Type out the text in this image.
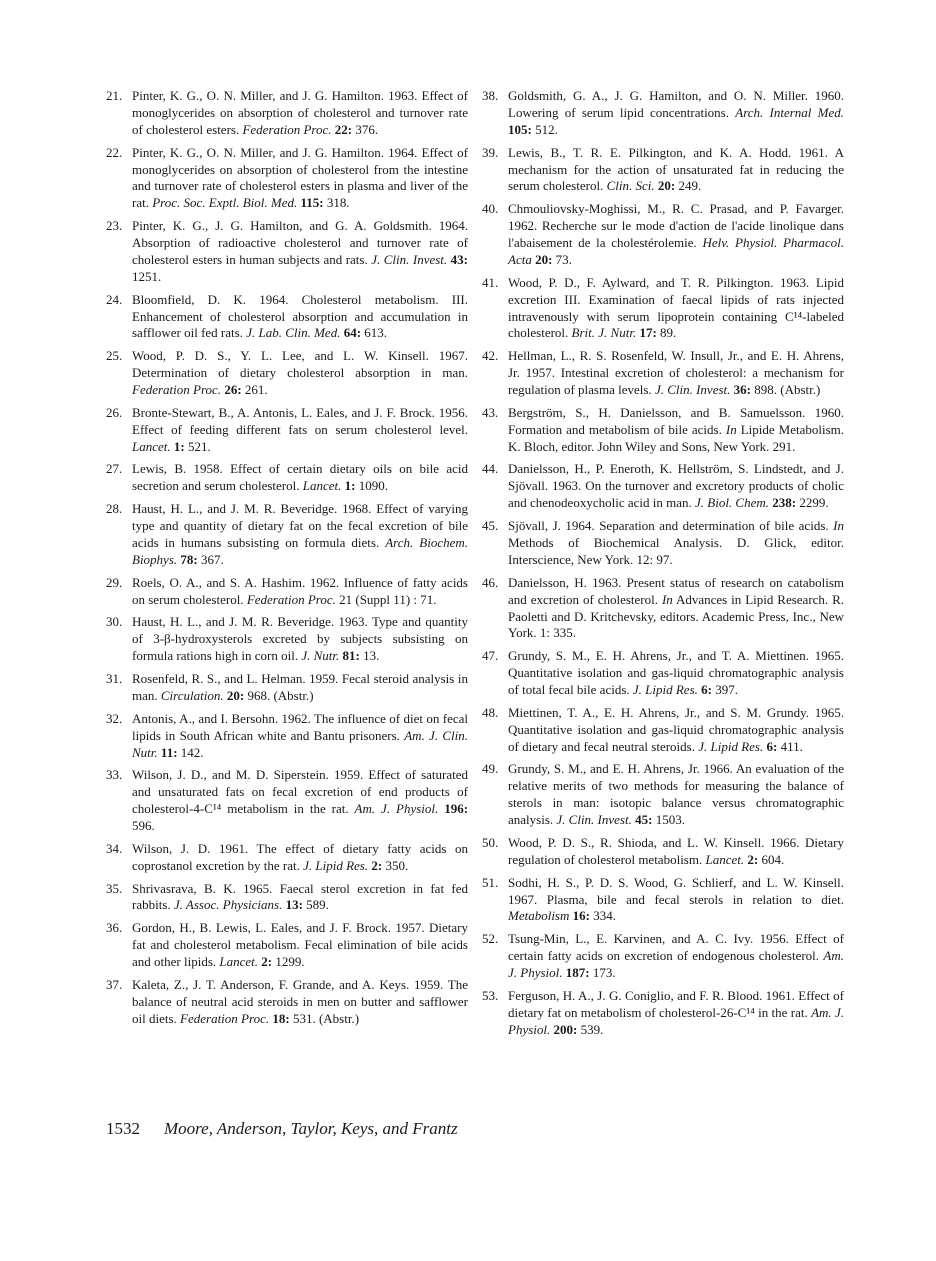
21. Pinter, K. G., O. N. Miller, and J. G. Hamilton. 1963. Effect of monoglycerides on absorption of cholesterol and turnover rate of cholesterol esters. Federation Proc. 22: 376.

22. Pinter, K. G., O. N. Miller, and J. G. Hamilton. 1964. Effect of monoglycerides on absorption of cholesterol from the intestine and turnover rate of cholesterol esters in plasma and liver of the rat. Proc. Soc. Exptl. Biol. Med. 115: 318.

23. Pinter, K. G., J. G. Hamilton, and G. A. Goldsmith. 1964. Absorption of radioactive cholesterol and turnover rate of cholesterol esters in human subjects and rats. J. Clin. Invest. 43: 1251.

24. Bloomfield, D. K. 1964. Cholesterol metabolism. III. Enhancement of cholesterol absorption and accumulation in safflower oil fed rats. J. Lab. Clin. Med. 64: 613.

25. Wood, P. D. S., Y. L. Lee, and L. W. Kinsell. 1967. Determination of dietary cholesterol absorption in man. Federation Proc. 26: 261.

26. Bronte-Stewart, B., A. Antonis, L. Eales, and J. F. Brock. 1956. Effect of feeding different fats on serum cholesterol level. Lancet. 1: 521.

27. Lewis, B. 1958. Effect of certain dietary oils on bile acid secretion and serum cholesterol. Lancet. 1: 1090.

28. Haust, H. L., and J. M. R. Beveridge. 1968. Effect of varying type and quantity of dietary fat on the fecal excretion of bile acids in humans subsisting on formula diets. Arch. Biochem. Biophys. 78: 367.

29. Roels, O. A., and S. A. Hashim. 1962. Influence of fatty acids on serum cholesterol. Federation Proc. 21 (Suppl 11) : 71.

30. Haust, H. L., and J. M. R. Beveridge. 1963. Type and quantity of 3-β-hydroxysterols excreted by subjects subsisting on formula rations high in corn oil. J. Nutr. 81: 13.

31. Rosenfeld, R. S., and L. Helman. 1959. Fecal steroid analysis in man. Circulation. 20: 968. (Abstr.)

32. Antonis, A., and I. Bersohn. 1962. The influence of diet on fecal lipids in South African white and Bantu prisoners. Am. J. Clin. Nutr. 11: 142.

33. Wilson, J. D., and M. D. Siperstein. 1959. Effect of saturated and unsaturated fats on fecal excretion of end products of cholesterol-4-C¹⁴ metabolism in the rat. Am. J. Physiol. 196: 596.

34. Wilson, J. D. 1961. The effect of dietary fatty acids on coprostanol excretion by the rat. J. Lipid Res. 2: 350.

35. Shrivasrava, B. K. 1965. Faecal sterol excretion in fat fed rabbits. J. Assoc. Physicians. 13: 589.

36. Gordon, H., B. Lewis, L. Eales, and J. F. Brock. 1957. Dietary fat and cholesterol metabolism. Fecal elimination of bile acids and other lipids. Lancet. 2: 1299.

37. Kaleta, Z., J. T. Anderson, F. Grande, and A. Keys. 1959. The balance of neutral acid steroids in men on butter and safflower oil diets. Federation Proc. 18: 531. (Abstr.)

38. Goldsmith, G. A., J. G. Hamilton, and O. N. Miller. 1960. Lowering of serum lipid concentrations. Arch. Internal Med. 105: 512.

39. Lewis, B., T. R. E. Pilkington, and K. A. Hodd. 1961. A mechanism for the action of unsaturated fat in reducing the serum cholesterol. Clin. Sci. 20: 249.

40. Chmouliovsky-Moghissi, M., R. C. Prasad, and P. Favarger. 1962. Recherche sur le mode d'action de l'acide linolique dans l'abaisement de la cholestérolemie. Helv. Physiol. Pharmacol. Acta 20: 73.

41. Wood, P. D., F. Aylward, and T. R. Pilkington. 1963. Lipid excretion III. Examination of faecal lipids of rats injected intravenously with serum lipoprotein containing C¹⁴-labeled cholesterol. Brit. J. Nutr. 17: 89.

42. Hellman, L., R. S. Rosenfeld, W. Insull, Jr., and E. H. Ahrens, Jr. 1957. Intestinal excretion of cholesterol: a mechanism for regulation of plasma levels. J. Clin. Invest. 36: 898. (Abstr.)

43. Bergström, S., H. Danielsson, and B. Samuelsson. 1960. Formation and metabolism of bile acids. In Lipide Metabolism. K. Bloch, editor. John Wiley and Sons, New York. 291.

44. Danielsson, H., P. Eneroth, K. Hellström, S. Lindstedt, and J. Sjövall. 1963. On the turnover and excretory products of cholic and chenodeoxycholic acid in man. J. Biol. Chem. 238: 2299.

45. Sjövall, J. 1964. Separation and determination of bile acids. In Methods of Biochemical Analysis. D. Glick, editor. Interscience, New York. 12: 97.

46. Danielsson, H. 1963. Present status of research on catabolism and excretion of cholesterol. In Advances in Lipid Research. R. Paoletti and D. Kritchevsky, editors. Academic Press, Inc., New York. 1: 335.

47. Grundy, S. M., E. H. Ahrens, Jr., and T. A. Miettinen. 1965. Quantitative isolation and gas-liquid chromatographic analysis of total fecal bile acids. J. Lipid Res. 6: 397.

48. Miettinen, T. A., E. H. Ahrens, Jr., and S. M. Grundy. 1965. Quantitative isolation and gas-liquid chromatographic analysis of dietary and fecal neutral steroids. J. Lipid Res. 6: 411.

49. Grundy, S. M., and E. H. Ahrens, Jr. 1966. An evaluation of the relative merits of two methods for measuring the balance of sterols in man: isotopic balance versus chromatographic analysis. J. Clin. Invest. 45: 1503.

50. Wood, P. D. S., R. Shioda, and L. W. Kinsell. 1966. Dietary regulation of cholesterol metabolism. Lancet. 2: 604.

51. Sodhi, H. S., P. D. S. Wood, G. Schlierf, and L. W. Kinsell. 1967. Plasma, bile and fecal sterols in relation to diet. Metabolism 16: 334.

52. Tsung-Min, L., E. Karvinen, and A. C. Ivy. 1956. Effect of certain fatty acids on excretion of endogenous cholesterol. Am. J. Physiol. 187: 173.

53. Ferguson, H. A., J. G. Coniglio, and F. R. Blood. 1961. Effect of dietary fat on metabolism of cholesterol-26-C¹⁴ in the rat. Am. J. Physiol. 200: 539.

1532 Moore, Anderson, Taylor, Keys, and Frantz
